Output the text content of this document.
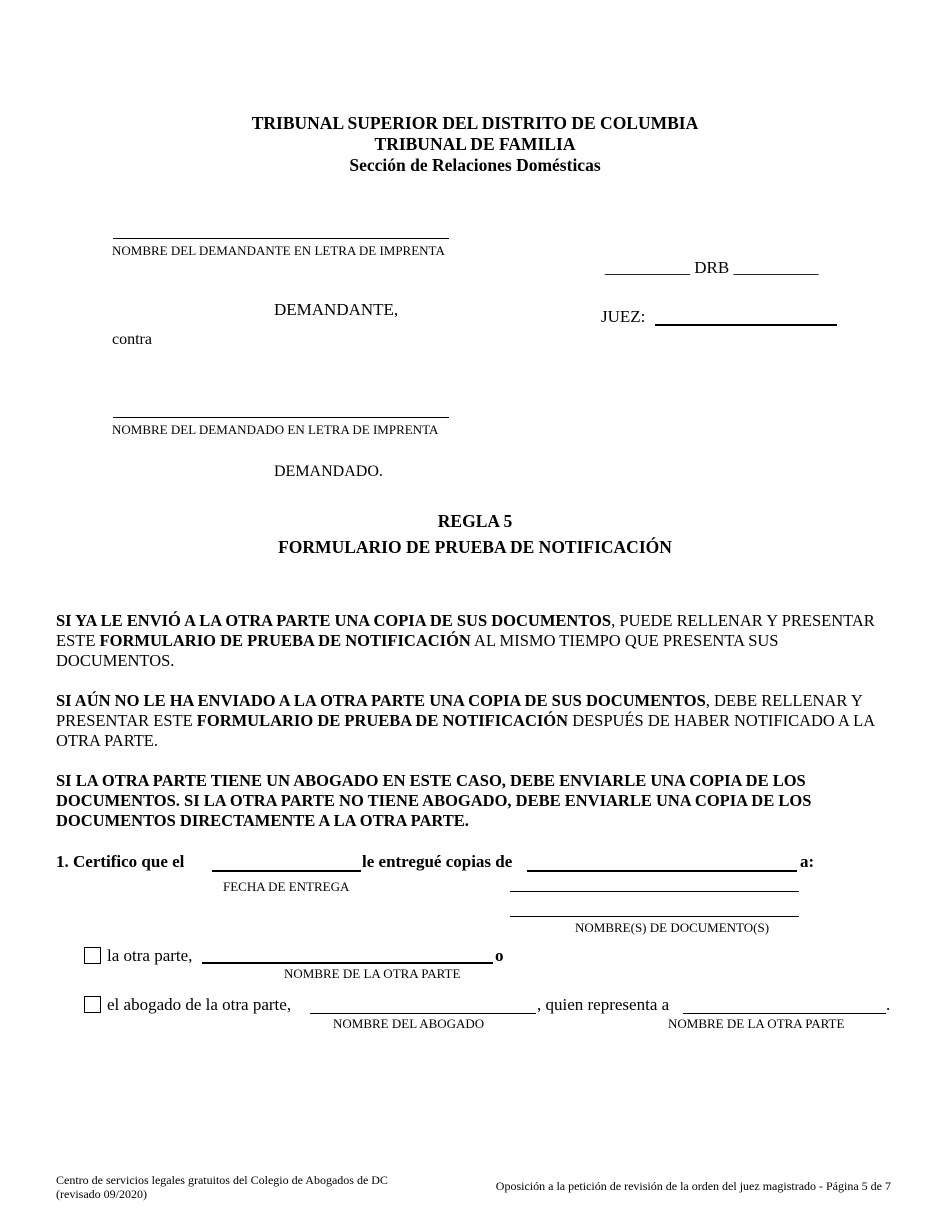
TRIBUNAL SUPERIOR DEL DISTRITO DE COLUMBIA
TRIBUNAL DE FAMILIA
Sección de Relaciones Domésticas
NOMBRE DEL DEMANDANTE EN LETRA DE IMPRENTA
DEMANDANTE,
contra
__________ DRB __________
JUEZ:
NOMBRE DEL DEMANDADO EN LETRA DE IMPRENTA
DEMANDADO.
REGLA 5
FORMULARIO DE PRUEBA DE NOTIFICACIÓN
SI YA LE ENVIÓ A LA OTRA PARTE UNA COPIA DE SUS DOCUMENTOS, PUEDE RELLENAR Y PRESENTAR ESTE FORMULARIO DE PRUEBA DE NOTIFICACIÓN AL MISMO TIEMPO QUE PRESENTA SUS DOCUMENTOS.
SI AÚN NO LE HA ENVIADO A LA OTRA PARTE UNA COPIA DE SUS DOCUMENTOS, DEBE RELLENAR Y PRESENTAR ESTE FORMULARIO DE PRUEBA DE NOTIFICACIÓN DESPUÉS DE HABER NOTIFICADO A LA OTRA PARTE.
SI LA OTRA PARTE TIENE UN ABOGADO EN ESTE CASO, DEBE ENVIARLE UNA COPIA DE LOS DOCUMENTOS. SI LA OTRA PARTE NO TIENE ABOGADO, DEBE ENVIARLE UNA COPIA DE LOS DOCUMENTOS DIRECTAMENTE A LA OTRA PARTE.
1. Certifico que el	le entregué copias de	a:
FECHA DE ENTREGA
NOMBRE(S) DE DOCUMENTO(S)
la otra parte,	o
NOMBRE DE LA OTRA PARTE
el abogado de la otra parte,	, quien representa a	.
NOMBRE DEL ABOGADO	NOMBRE DE LA OTRA PARTE
Centro de servicios legales gratuitos del Colegio de Abogados de DC
(revisado 09/2020)
Oposición a la petición de revisión de la orden del juez magistrado - Página 5 de 7
